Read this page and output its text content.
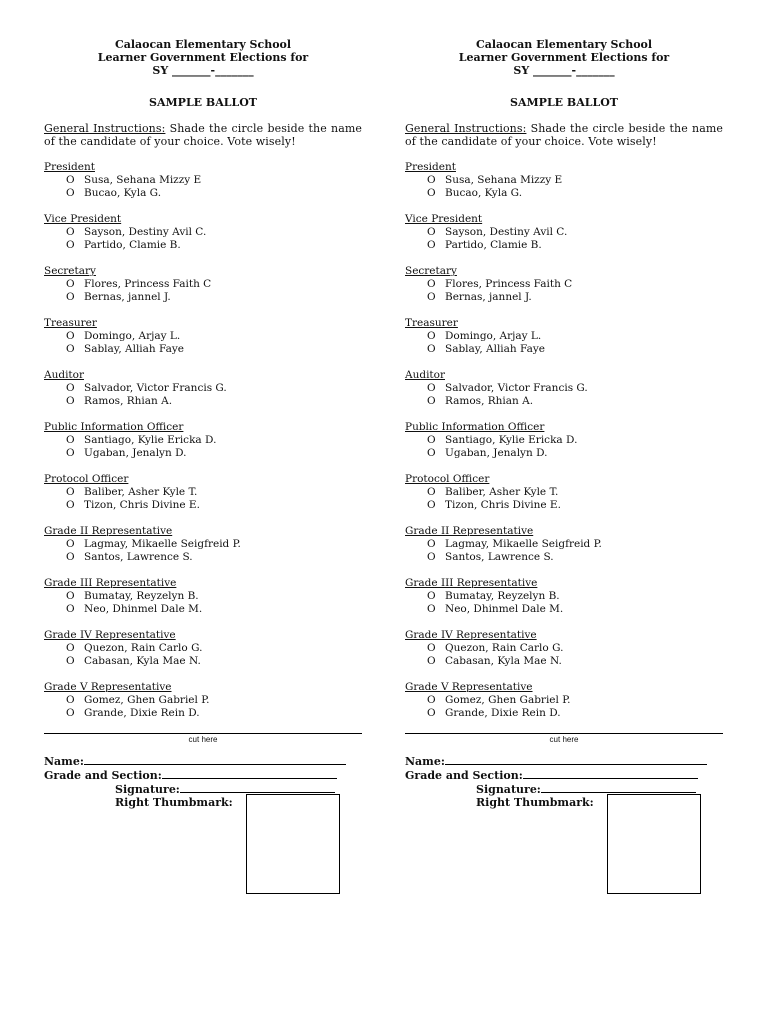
Calaocan Elementary School
Learner Government Elections for
SY _______-_______
SAMPLE BALLOT
General Instructions: Shade the circle beside the name of the candidate of your choice. Vote wisely!
President
O Susa, Sehana Mizzy E
O Bucao, Kyla G.
Vice President
O Sayson, Destiny Avil C.
O Partido, Clamie B.
Secretary
O Flores, Princess Faith C
O Bernas, jannel J.
Treasurer
O Domingo, Arjay L.
O Sablay, Alliah Faye
Auditor
O Salvador, Victor Francis G.
O Ramos, Rhian A.
Public Information Officer
O Santiago, Kylie Ericka D.
O Ugaban, Jenalyn D.
Protocol Officer
O Baliber, Asher Kyle T.
O Tizon, Chris Divine E.
Grade II Representative
O Lagmay, Mikaelle Seigfreid P.
O Santos, Lawrence S.
Grade III Representative
O Bumatay, Reyzelyn B.
O Neo, Dhinmel Dale M.
Grade IV Representative
O Quezon, Rain Carlo G.
O Cabasan, Kyla Mae N.
Grade V Representative
O Gomez, Ghen Gabriel P.
O Grande, Dixie Rein D.
cut here
Name:
Grade and Section:
Signature:
Right Thumbmark:
Calaocan Elementary School
Learner Government Elections for
SY _______-_______
SAMPLE BALLOT
General Instructions: Shade the circle beside the name of the candidate of your choice. Vote wisely!
President
O Susa, Sehana Mizzy E
O Bucao, Kyla G.
Vice President
O Sayson, Destiny Avil C.
O Partido, Clamie B.
Secretary
O Flores, Princess Faith C
O Bernas, jannel J.
Treasurer
O Domingo, Arjay L.
O Sablay, Alliah Faye
Auditor
O Salvador, Victor Francis G.
O Ramos, Rhian A.
Public Information Officer
O Santiago, Kylie Ericka D.
O Ugaban, Jenalyn D.
Protocol Officer
O Baliber, Asher Kyle T.
O Tizon, Chris Divine E.
Grade II Representative
O Lagmay, Mikaelle Seigfreid P.
O Santos, Lawrence S.
Grade III Representative
O Bumatay, Reyzelyn B.
O Neo, Dhinmel Dale M.
Grade IV Representative
O Quezon, Rain Carlo G.
O Cabasan, Kyla Mae N.
Grade V Representative
O Gomez, Ghen Gabriel P.
O Grande, Dixie Rein D.
cut here
Name:
Grade and Section:
Signature:
Right Thumbmark:
